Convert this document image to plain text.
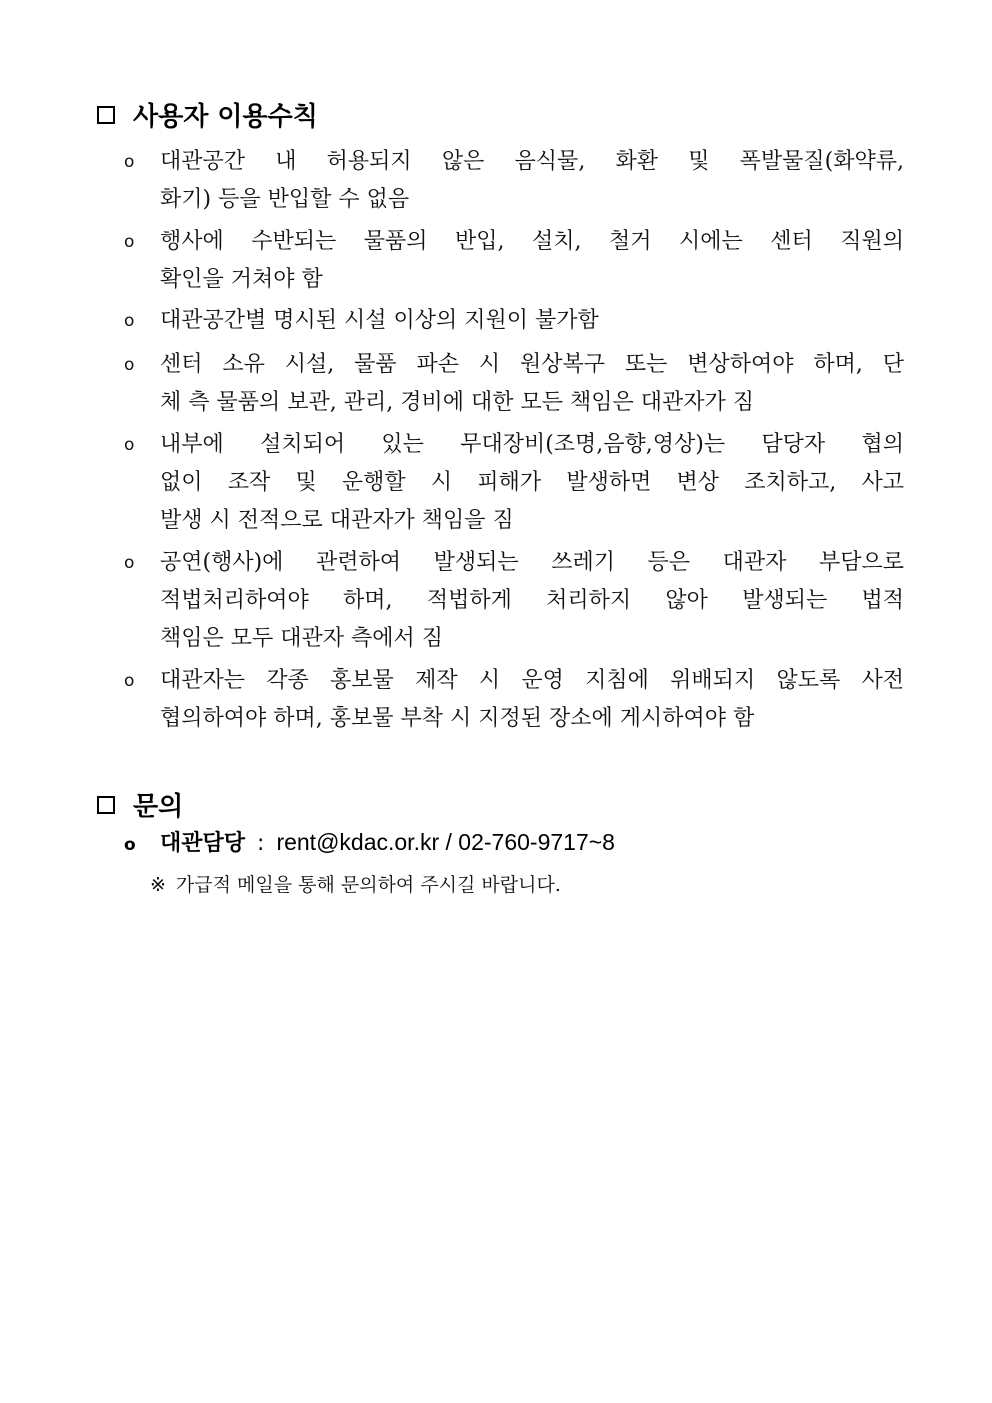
사용자 이용수칙
o 대관공간 내 허용되지 않은 음식물, 화환 및 폭발물질(화약류,
화기) 등을 반입할 수 없음
o 행사에 수반되는 물품의 반입, 설치, 철거 시에는 센터 직원의
확인을 거쳐야 함
o 대관공간별 명시된 시설 이상의 지원이 불가함
o 센터 소유 시설, 물품 파손 시 원상복구 또는 변상하여야 하며, 단
체 측 물품의 보관, 관리, 경비에 대한 모든 책임은 대관자가 짐
o 내부에 설치되어 있는 무대장비(조명,음향,영상)는 담당자 협의
없이 조작 및 운행할 시 피해가 발생하면 변상 조치하고, 사고
발생 시 전적으로 대관자가 책임을 짐
o 공연(행사)에 관련하여 발생되는 쓰레기 등은 대관자 부담으로
적법처리하여야 하며, 적법하게 처리하지 않아 발생되는 법적
책임은 모두 대관자 측에서 짐
o 대관자는 각종 홍보물 제작 시 운영 지침에 위배되지 않도록 사전
협의하여야 하며, 홍보물 부착 시 지정된 장소에 게시하여야 함
문의
o 대관담당 : rent@kdac.or.kr / 02-760-9717~8
※ 가급적 메일을 통해 문의하여 주시길 바랍니다.
